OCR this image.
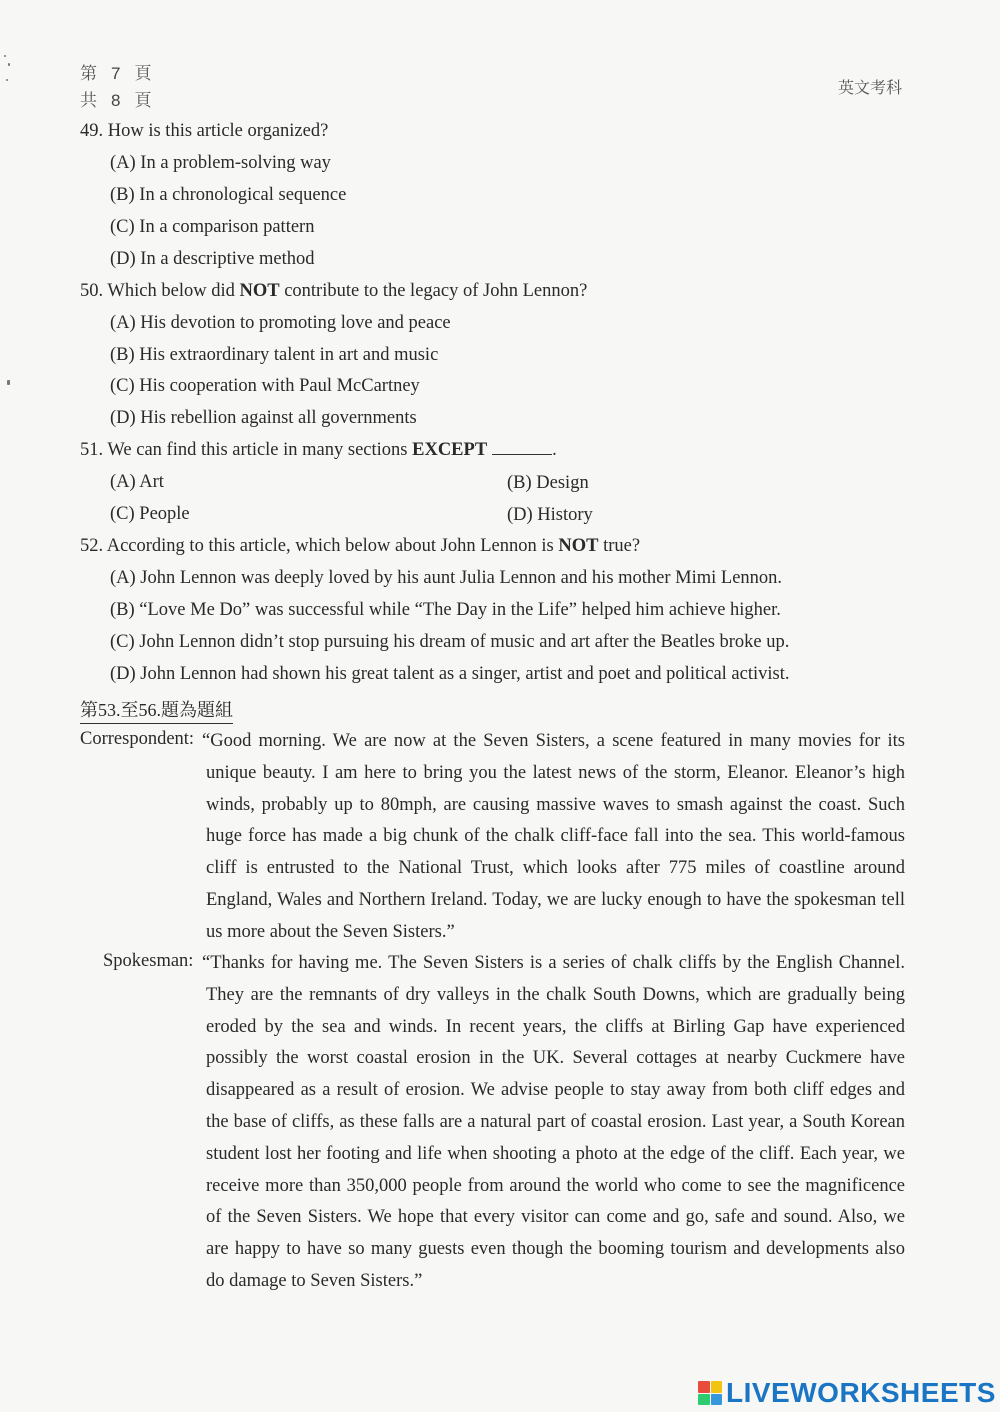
第 7 頁
共 8 頁
英文考科
49. How is this article organized?
(A) In a problem-solving way
(B) In a chronological sequence
(C) In a comparison pattern
(D) In a descriptive method
50. Which below did NOT contribute to the legacy of John Lennon?
(A) His devotion to promoting love and peace
(B) His extraordinary talent in art and music
(C) His cooperation with Paul McCartney
(D) His rebellion against all governments
51. We can find this article in many sections EXCEPT	.
(A) Art	(B) Design
(C) People	(D) History
52. According to this article, which below about John Lennon is NOT true?
(A) John Lennon was deeply loved by his aunt Julia Lennon and his mother Mimi Lennon.
(B) “Love Me Do” was successful while “The Day in the Life” helped him achieve higher.
(C) John Lennon didn’t stop pursuing his dream of music and art after the Beatles broke up.
(D) John Lennon had shown his great talent as a singer, artist and poet and political activist.
第53.至56.題為題組
Correspondent: “Good morning. We are now at the Seven Sisters, a scene featured in many movies for its unique beauty. I am here to bring you the latest news of the storm, Eleanor. Eleanor’s high winds, probably up to 80mph, are causing massive waves to smash against the coast. Such huge force has made a big chunk of the chalk cliff-face fall into the sea. This world-famous cliff is entrusted to the National Trust, which looks after 775 miles of coastline around England, Wales and Northern Ireland. Today, we are lucky enough to have the spokesman tell us more about the Seven Sisters.”
Spokesman: “Thanks for having me. The Seven Sisters is a series of chalk cliffs by the English Channel. They are the remnants of dry valleys in the chalk South Downs, which are gradually being eroded by the sea and winds. In recent years, the cliffs at Birling Gap have experienced possibly the worst coastal erosion in the UK. Several cottages at nearby Cuckmere have disappeared as a result of erosion. We advise people to stay away from both cliff edges and the base of cliffs, as these falls are a natural part of coastal erosion. Last year, a South Korean student lost her footing and life when shooting a photo at the edge of the cliff. Each year, we receive more than 350,000 people from around the world who come to see the magnificence of the Seven Sisters. We hope that every visitor can come and go, safe and sound. Also, we are happy to have so many guests even though the booming tourism and developments also do damage to Seven Sisters.”
LIVEWORKSHEETS
